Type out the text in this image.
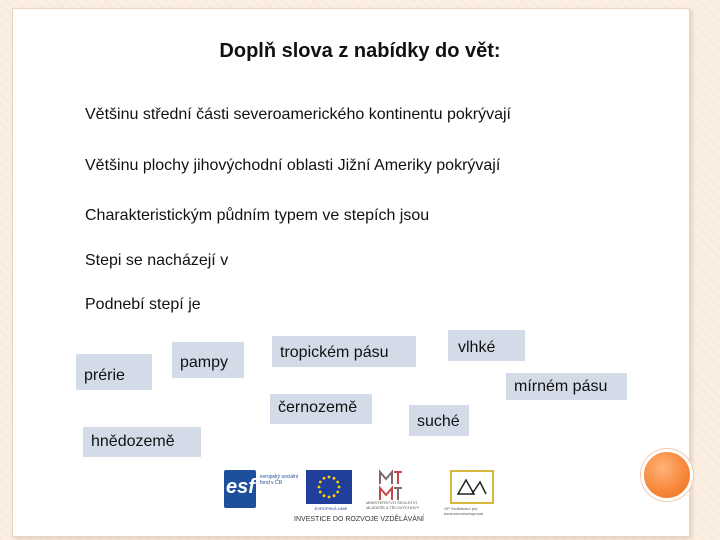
Doplň slova z nabídky do vět:
Většinu střední části severoamerického kontinentu pokrývají
Většinu plochy jihovýchodní oblasti Jižní Ameriky pokrývají
Charakteristickým půdním typem ve stepích jsou
Stepi se nacházejí v
Podnebí stepí je
prérie
pampy
tropickém pásu	vlhké
mírném pásu
černozemě
suché
hnědozemě
esf evropský sociální fond v ČR
EVROPSKÁ UNIE
MINISTERSTVO ŠKOLSTVÍ, MLÁDEŽE A TĚLOVÝCHOVY	OP Vzdělávání pro konkurenceschopnost
INVESTICE DO ROZVOJE VZDĚLÁVÁNÍ
